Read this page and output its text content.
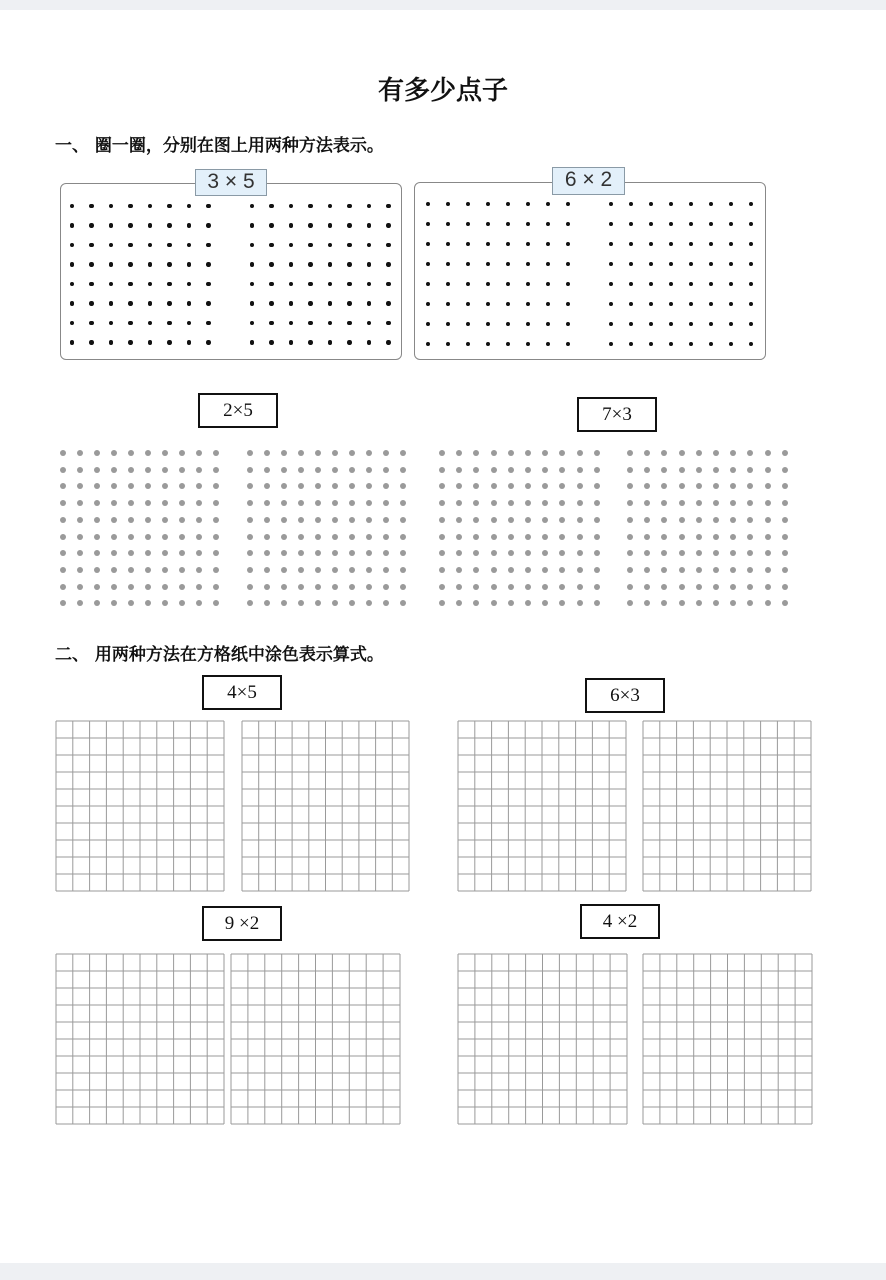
有多少点子
一、 圈一圈，分别在图上用两种方法表示。
3 × 5	6 × 2
2×5	7×3
二、 用两种方法在方格纸中涂色表示算式。
4×5	6×3
9 ×2	4 ×2
